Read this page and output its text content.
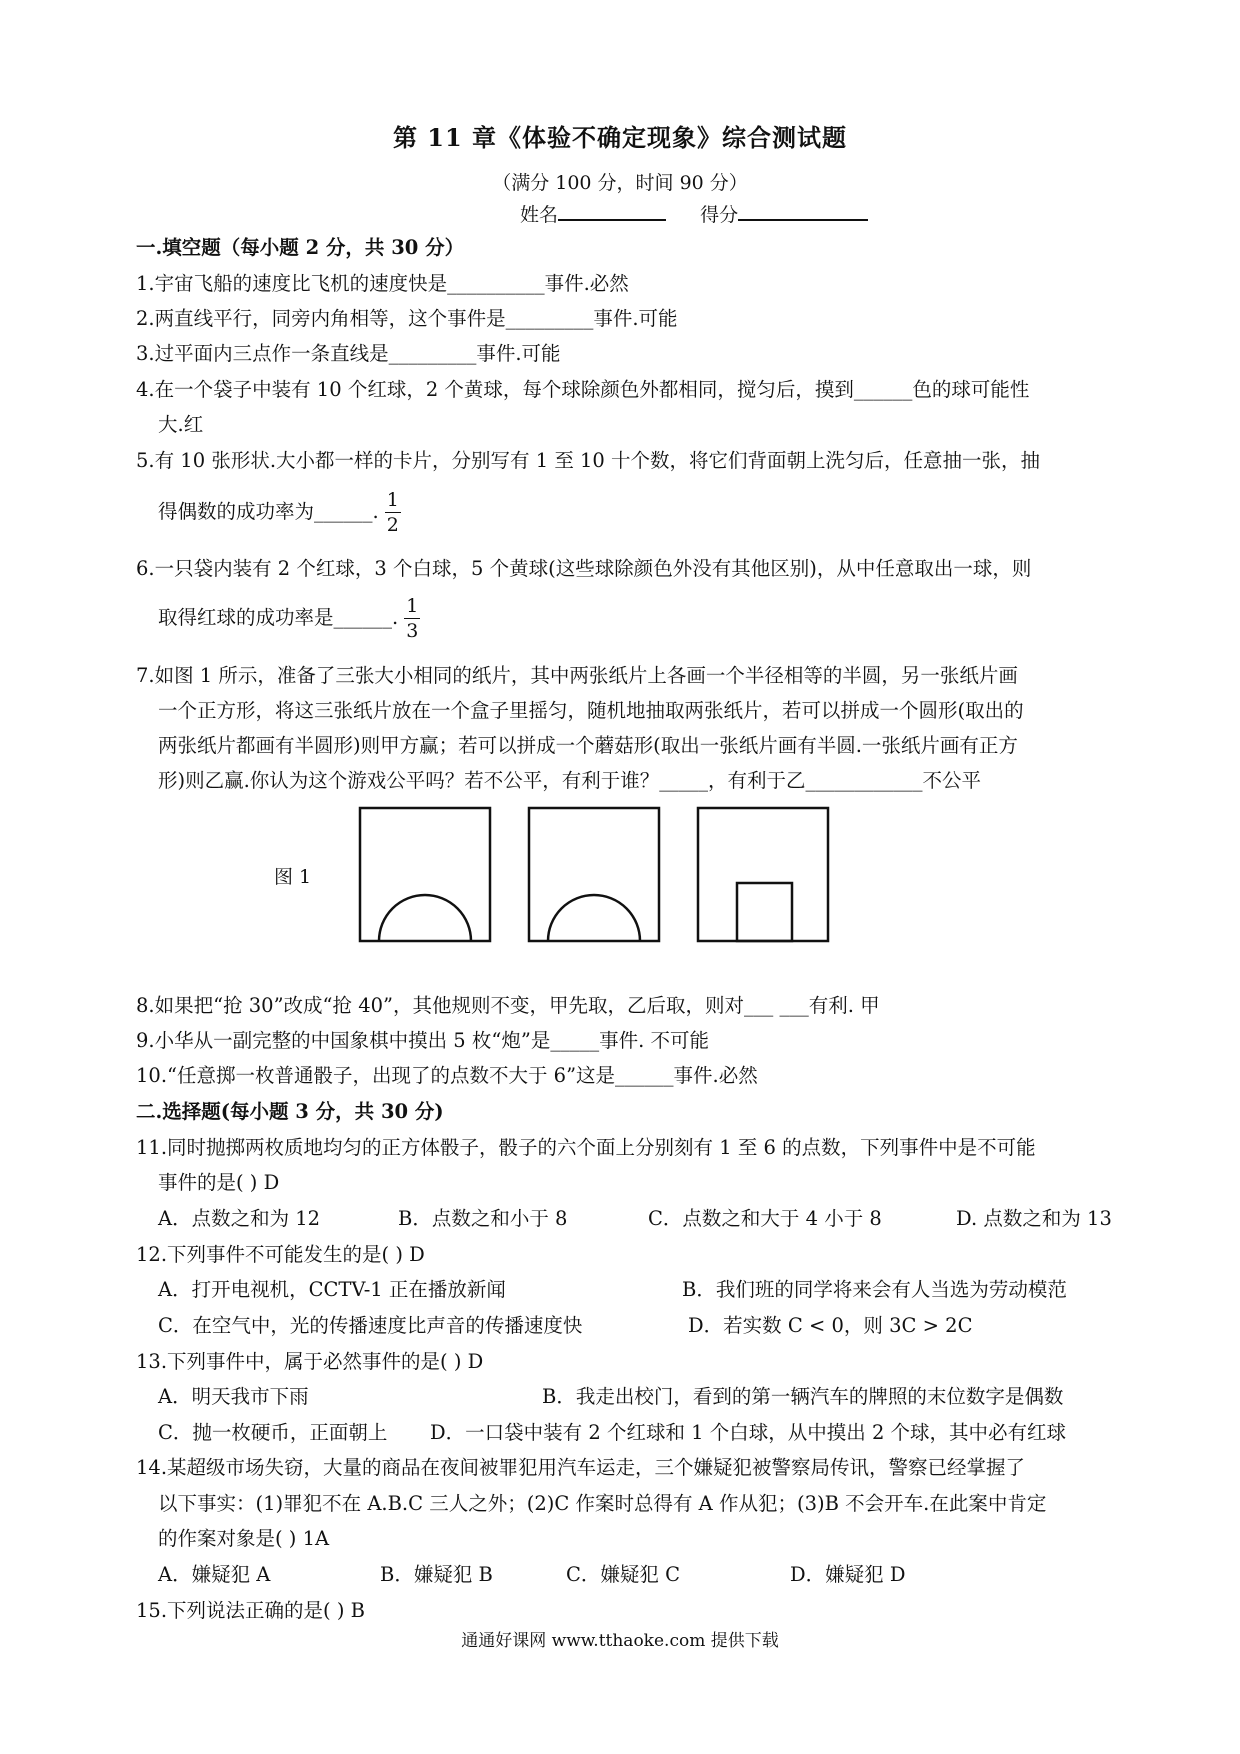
第 11 章《体验不确定现象》综合测试题
（满分 100 分，时间 90 分）
姓名	得分
一.填空题（每小题 2 分，共 30 分）
1.宇宙飞船的速度比飞机的速度快是__________事件.必然
2.两直线平行，同旁内角相等，这个事件是_________事件.可能
3.过平面内三点作一条直线是_________事件.可能
4.在一个袋子中装有 10 个红球，2 个黄球，每个球除颜色外都相同，搅匀后，摸到______色的球可能性
大.红
5.有 10 张形状.大小都一样的卡片，分别写有 1 至 10 十个数，将它们背面朝上洗匀后，任意抽一张，抽
得偶数的成功率为______. $\frac{1}{2}$
6.一只袋内装有 2 个红球，3 个白球，5 个黄球(这些球除颜色外没有其他区别)，从中任意取出一球，则
取得红球的成功率是______. $\frac{1}{3}$
7.如图 1 所示，准备了三张大小相同的纸片，其中两张纸片上各画一个半径相等的半圆，另一张纸片画
一个正方形，将这三张纸片放在一个盒子里摇匀，随机地抽取两张纸片，若可以拼成一个圆形(取出的
两张纸片都画有半圆形)则甲方赢；若可以拼成一个蘑菇形(取出一张纸片画有半圆.一张纸片画有正方
形)则乙赢.你认为这个游戏公平吗？若不公平，有利于谁？_____，有利于乙____________不公平
图 1
8.如果把“抢 30”改成“抢 40”，其他规则不变，甲先取，乙后取，则对___ ___有利. 甲
9.小华从一副完整的中国象棋中摸出 5 枚“炮”是_____事件. 不可能
10.“任意掷一枚普通骰子，出现了的点数不大于 6”这是______事件.必然
二.选择题(每小题 3 分，共 30 分)
11.同时抛掷两枚质地均匀的正方体骰子，骰子的六个面上分别刻有 1 至 6 的点数，下列事件中是不可能
事件的是( ) D
A．点数之和为 12	B．点数之和小于 8	C．点数之和大于 4 小于 8	D. 点数之和为 13
12.下列事件不可能发生的是( ) D
A．打开电视机，CCTV-1 正在播放新闻	B．我们班的同学将来会有人当选为劳动模范
C．在空气中，光的传播速度比声音的传播速度快	D．若实数 C < 0，则 3C > 2C
13.下列事件中，属于必然事件的是( ) D
A．明天我市下雨	B．我走出校门，看到的第一辆汽车的牌照的末位数字是偶数
C．抛一枚硬币，正面朝上 D．一口袋中装有 2 个红球和 1 个白球，从中摸出 2 个球，其中必有红球
14.某超级市场失窃，大量的商品在夜间被罪犯用汽车运走，三个嫌疑犯被警察局传讯，警察已经掌握了
以下事实：(1)罪犯不在 A.B.C 三人之外；(2)C 作案时总得有 A 作从犯；(3)B 不会开车.在此案中肯定
的作案对象是( ) 1A
A．嫌疑犯 A	B．嫌疑犯 B	C．嫌疑犯 C	D．嫌疑犯 D
15.下列说法正确的是( ) B
通通好课网 www.tthaoke.com 提供下载
